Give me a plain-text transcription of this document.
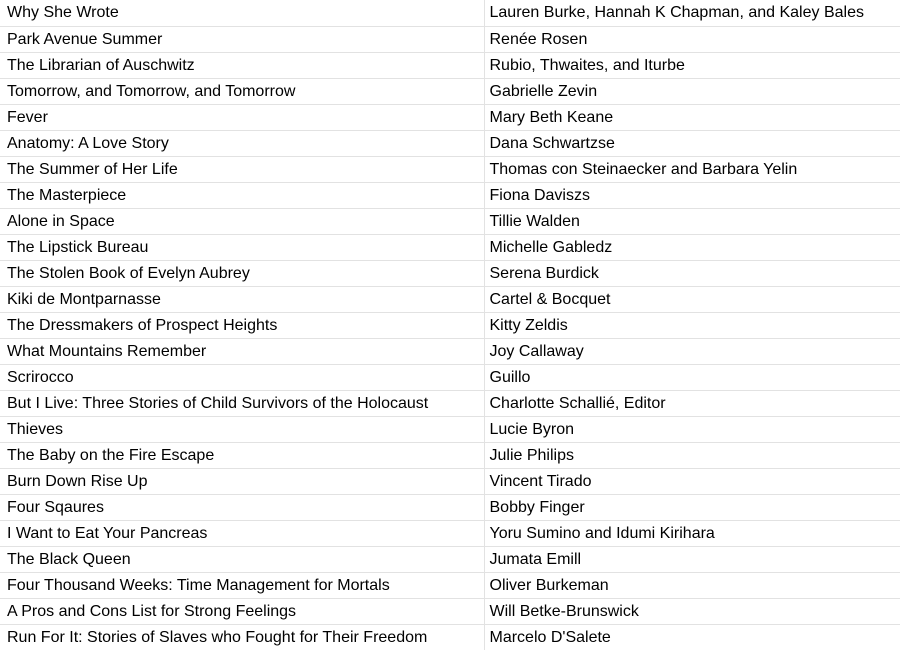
Why She Wrote	Lauren Burke, Hannah K Chapman, and Kaley Bales
Park Avenue Summer	Renée Rosen
The Librarian of Auschwitz	Rubio, Thwaites, and Iturbe
Tomorrow, and Tomorrow, and Tomorrow	Gabrielle Zevin
Fever	Mary Beth Keane
Anatomy: A Love Story	Dana Schwartzse
The Summer of Her Life	Thomas con Steinaecker and Barbara Yelin
The Masterpiece	Fiona Daviszs
Alone in Space	Tillie Walden
The Lipstick Bureau	Michelle Gabledz
The Stolen Book of Evelyn Aubrey	Serena Burdick
Kiki de Montparnasse	Cartel & Bocquet
The Dressmakers of Prospect Heights	Kitty Zeldis
What Mountains Remember	Joy Callaway
Scrirocco	Guillo
But I Live: Three Stories of Child Survivors of the Holocaust	Charlotte Schallié, Editor
Thieves	Lucie Byron
The Baby on the Fire Escape	Julie Philips
Burn Down Rise Up	Vincent Tirado
Four Sqaures	Bobby Finger
I Want to Eat Your Pancreas	Yoru Sumino and Idumi Kirihara
The Black Queen	Jumata Emill
Four Thousand Weeks: Time Management for Mortals	Oliver Burkeman
A Pros and Cons List for Strong Feelings	Will Betke-Brunswick
Run For It: Stories of Slaves who Fought for Their Freedom	Marcelo D'Salete
